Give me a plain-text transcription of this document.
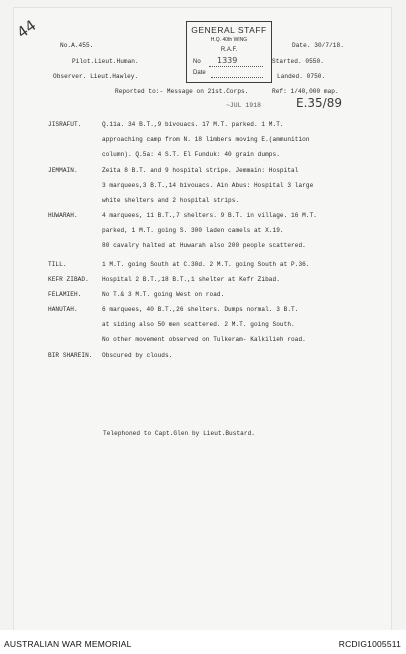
44	GENERAL STAFF
H.Q. 40th WING
R.A.F.
No 1339
Date
No.A.455.	Date. 30/7/18.
Pilot.Lieut.Human.	Started. 0550.
Observer. Lieut.Hawley.	Landed. 0750.
Reported to:- Message on 21st.Corps.	Ref: 1/40,000 map.
~JUL 1918	E.35/89
JISRAFUT.	Q.11a. 34 B.T.,9 bivouacs. 17 M.T. parked. 1 M.T.
approaching camp from N. 18 limbers moving E.(ammunition
column). Q.5a: 4 S.T. El Funduk: 40 grain dumps.
JEMMAIN.	Zeita 8 B.T. and 9 hospital stripe. Jemmain: Hospital
3 marquees,3 B.T.,14 bivouacs. Ain Abus: Hospital 3 large
white shelters and 2 hospital strips.
HUWARAH.	4 marquees, 11 B.T.,7 shelters. 9 B.T. in village. 16 M.T.
parked, 1 M.T. going S. 300 laden camels at X.19.
80 cavalry halted at Huwarah also 200 people scattered.
TILL.	1 M.T. going South at C.30d. 2 M.T. going South at P.36.
KEFR ZIBAD. Hospital 2 B.T.,18 B.T.,1 shelter at Kefr Zibad.
FELAMIEH.	No T.& 3 M.T. going West on road.
HANUTAH.	6 marquees, 40 B.T.,26 shelters. Dumps normal. 3 B.T.
at siding also 50 men scattered. 2 M.T. going South.
No other movement observed on Tulkeram- Kalkilieh road.
BIR SHAREIN. Obscured by clouds.
Telephoned to Capt.Glen by Lieut.Bustard.
AUSTRALIAN WAR MEMORIAL	RCDIG1005511
